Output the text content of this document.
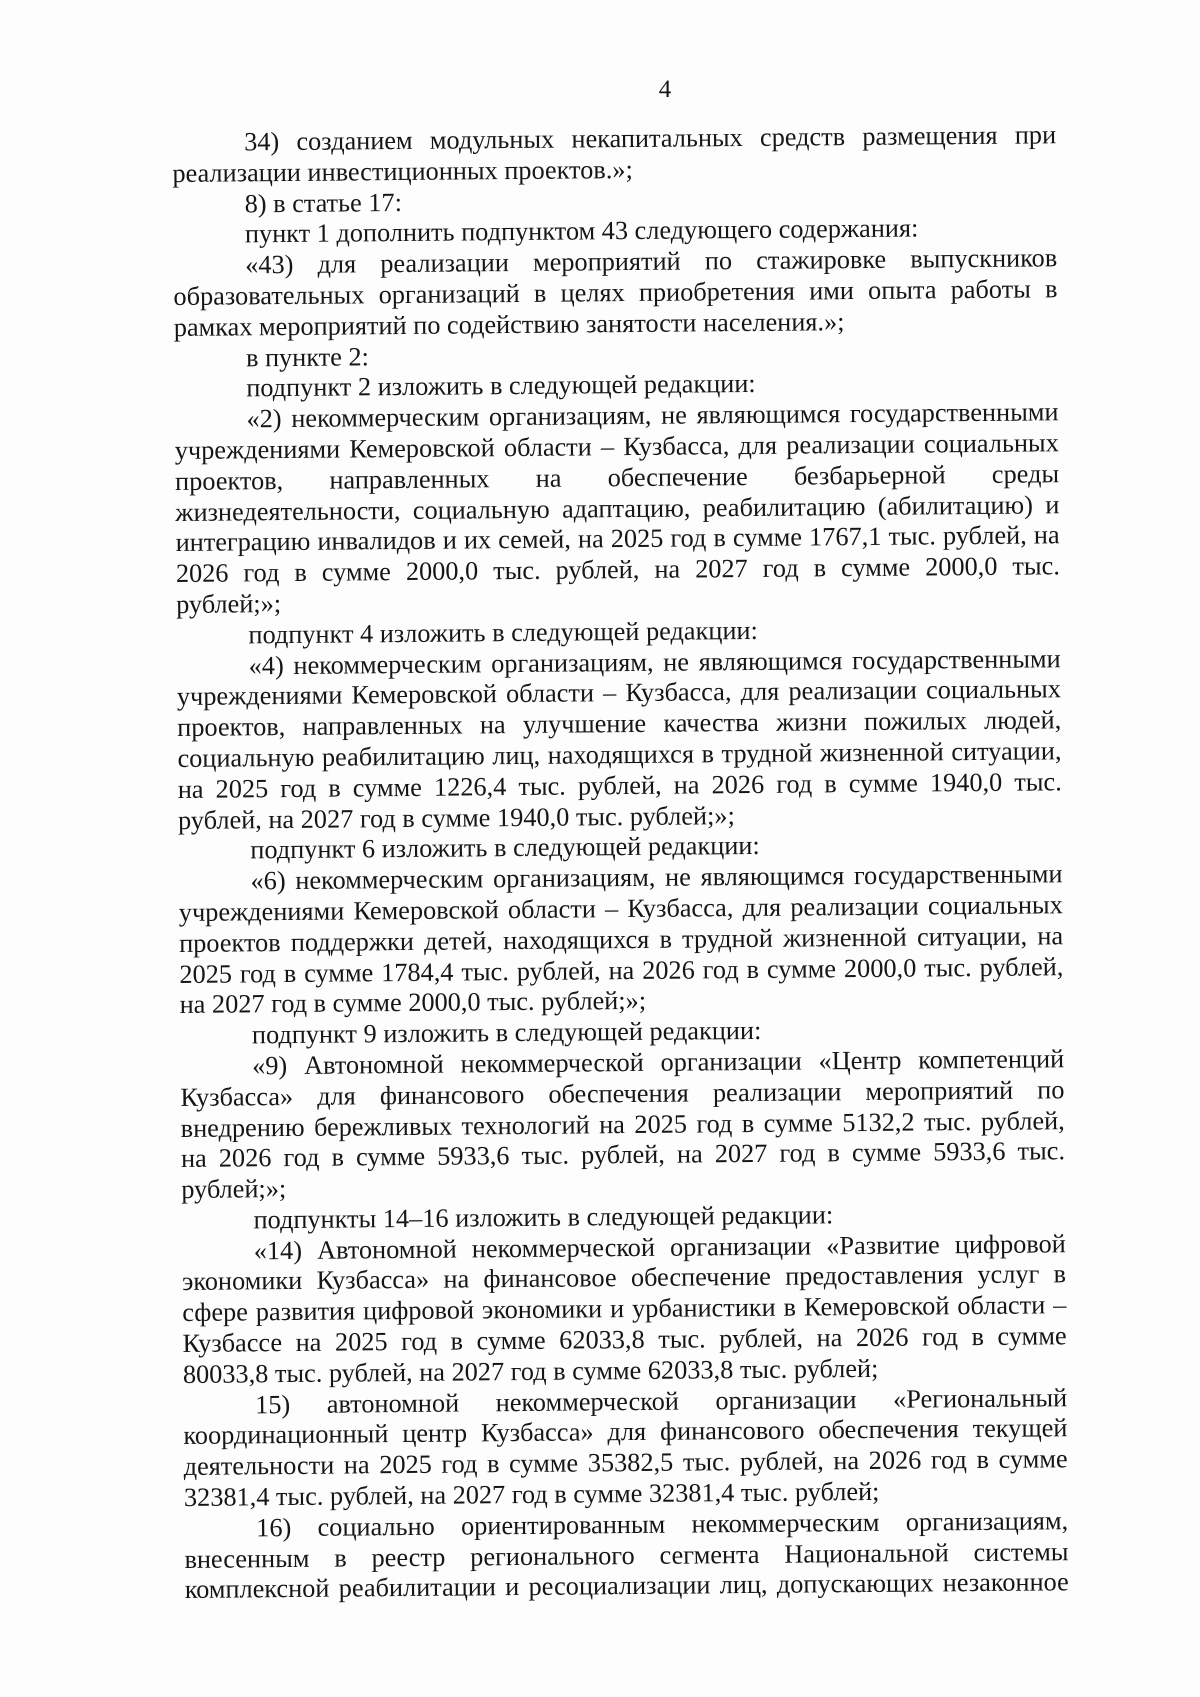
4

34) созданием модульных некапитальных средств размещения при реализации инвестиционных проектов.»;

8) в статье 17:

пункт 1 дополнить подпунктом 43 следующего содержания:

«43) для реализации мероприятий по стажировке выпускников образовательных организаций в целях приобретения ими опыта работы в рамках мероприятий по содействию занятости населения.»;

в пункте 2:

подпункт 2 изложить в следующей редакции:

«2) некоммерческим организациям, не являющимся государственными учреждениями Кемеровской области – Кузбасса, для реализации социальных проектов, направленных на обеспечение безбарьерной среды жизнедеятельности, социальную адаптацию, реабилитацию (абилитацию) и интеграцию инвалидов и их семей, на 2025 год в сумме 1767,1 тыс. рублей, на 2026 год в сумме 2000,0 тыс. рублей, на 2027 год в сумме 2000,0 тыс. рублей;»;

подпункт 4 изложить в следующей редакции:

«4) некоммерческим организациям, не являющимся государственными учреждениями Кемеровской области – Кузбасса, для реализации социальных проектов, направленных на улучшение качества жизни пожилых людей, социальную реабилитацию лиц, находящихся в трудной жизненной ситуации, на 2025 год в сумме 1226,4 тыс. рублей, на 2026 год в сумме 1940,0 тыс. рублей, на 2027 год в сумме 1940,0 тыс. рублей;»;

подпункт 6 изложить в следующей редакции:

«6) некоммерческим организациям, не являющимся государственными учреждениями Кемеровской области – Кузбасса, для реализации социальных проектов поддержки детей, находящихся в трудной жизненной ситуации, на 2025 год в сумме 1784,4 тыс. рублей, на 2026 год в сумме 2000,0 тыс. рублей, на 2027 год в сумме 2000,0 тыс. рублей;»;

подпункт 9 изложить в следующей редакции:

«9) Автономной некоммерческой организации «Центр компетенций Кузбасса» для финансового обеспечения реализации мероприятий по внедрению бережливых технологий на 2025 год в сумме 5132,2 тыс. рублей, на 2026 год в сумме 5933,6 тыс. рублей, на 2027 год в сумме 5933,6 тыс. рублей;»;

подпункты 14–16 изложить в следующей редакции:

«14) Автономной некоммерческой организации «Развитие цифровой экономики Кузбасса» на финансовое обеспечение предоставления услуг в сфере развития цифровой экономики и урбанистики в Кемеровской области – Кузбассе на 2025 год в сумме 62033,8 тыс. рублей, на 2026 год в сумме 80033,8 тыс. рублей, на 2027 год в сумме 62033,8 тыс. рублей;

15) автономной некоммерческой организации «Региональный координационный центр Кузбасса» для финансового обеспечения текущей деятельности на 2025 год в сумме 35382,5 тыс. рублей, на 2026 год в сумме 32381,4 тыс. рублей, на 2027 год в сумме 32381,4 тыс. рублей;

16) социально ориентированным некоммерческим организациям, внесенным в реестр регионального сегмента Национальной системы комплексной реабилитации и ресоциализации лиц, допускающих незаконное
